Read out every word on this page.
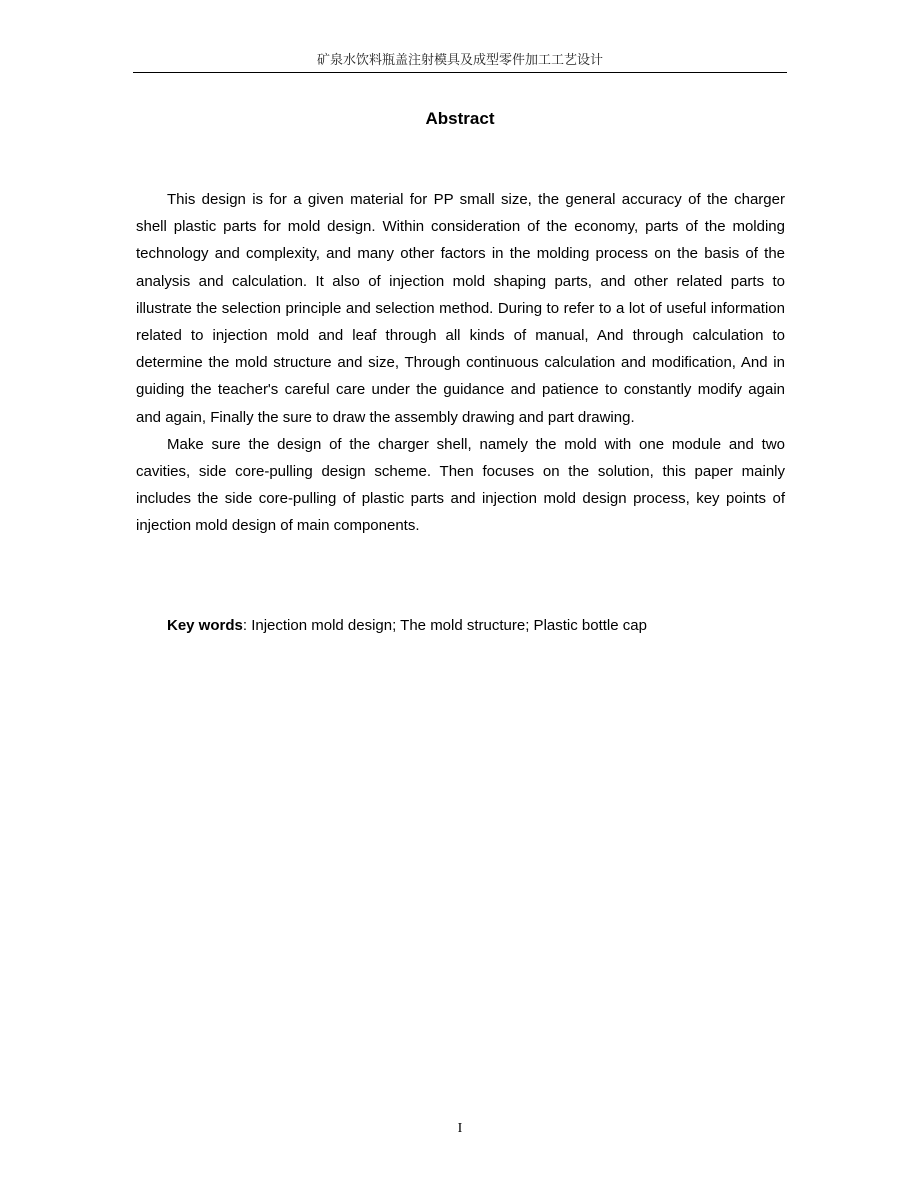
矿泉水饮料瓶盖注射模具及成型零件加工工艺设计
Abstract

This design is for a given material for PP small size, the general accuracy of the charger shell plastic parts for mold design. Within consideration of the economy, parts of the molding technology and complexity, and many other factors in the molding process on the basis of the analysis and calculation. It also of injection mold shaping parts, and other related parts to illustrate the selection principle and selection method. During to refer to a lot of useful information related to injection mold and leaf through all kinds of manual, And through calculation to determine the mold structure and size, Through continuous calculation and modification, And in guiding the teacher's careful care under the guidance and patience to constantly modify again and again, Finally the sure to draw the assembly drawing and part drawing.

Make sure the design of the charger shell, namely the mold with one module and two cavities, side core-pulling design scheme. Then focuses on the solution, this paper mainly includes the side core-pulling of plastic parts and injection mold design process, key points of injection mold design of main components.

Key words: Injection mold design; The mold structure; Plastic bottle cap

I
